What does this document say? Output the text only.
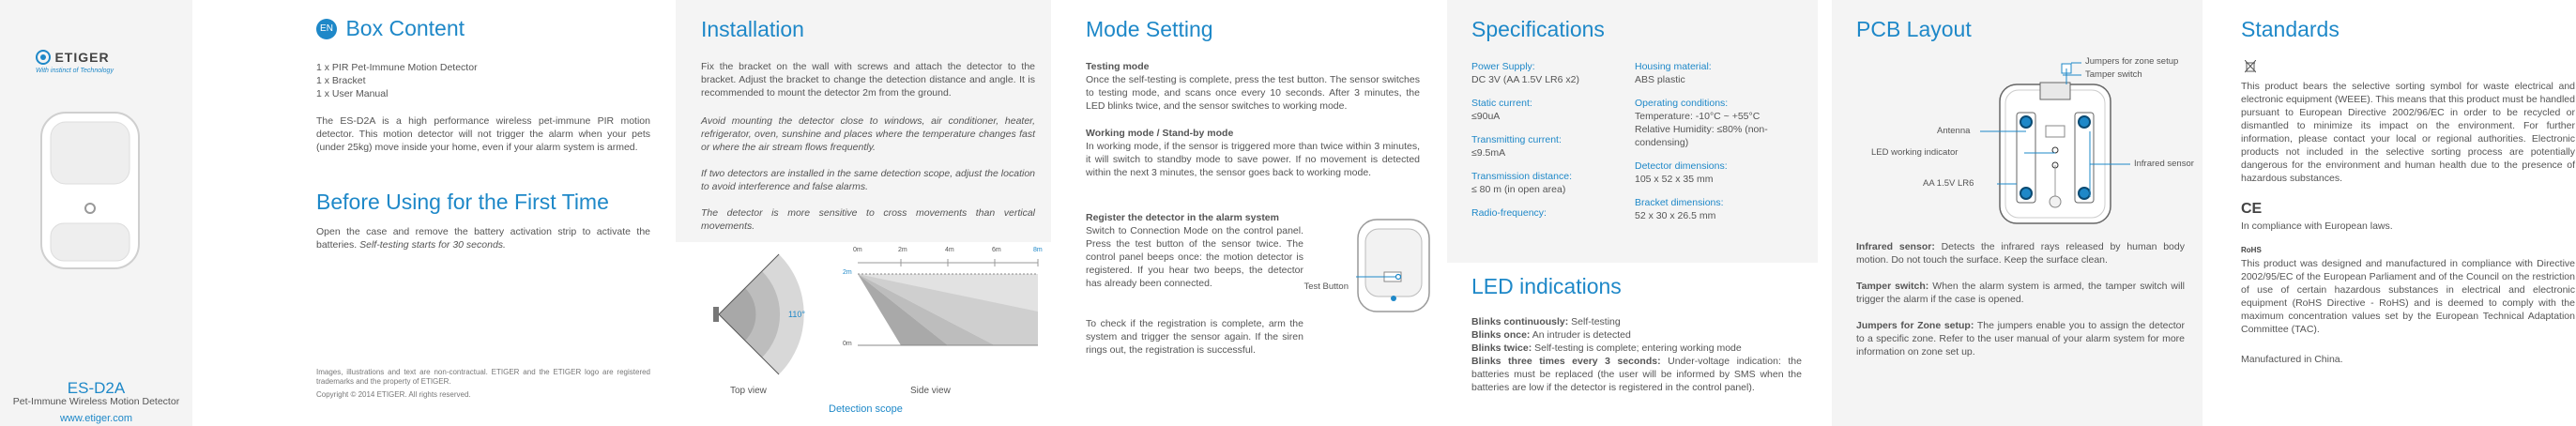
ETIGER
With instinct of Technology
ES-D2A
Pet-Immune Wireless Motion Detector
www.etiger.com
EN Box Content
1 x PIR Pet-Immune Motion Detector
1 x Bracket
1 x User Manual

The ES-D2A is a high performance wireless pet-immune PIR motion detector. This motion detector will not trigger the alarm when your pets (under 25kg) move inside your home, even if your alarm system is armed.

Before Using for the First Time

Open the case and remove the battery activation strip to activate the batteries. Self-testing starts for 30 seconds.

Images, illustrations and text are non-contractual. ETIGER and the ETIGER logo are registered trademarks and the property of ETIGER.

Copyright © 2014 ETIGER. All rights reserved.

Installation

Fix the bracket on the wall with screws and attach the detector to the bracket. Adjust the bracket to change the detection distance and angle. It is recommended to mount the detector 2m from the ground.

Avoid mounting the detector close to windows, air conditioner, heater, refrigerator, oven, sunshine and places where the temperature changes fast or where the air stream flows frequently.

If two detectors are installed in the same detection scope, adjust the location to avoid interference and false alarms.

The detector is more sensitive to cross movements than vertical movements.

110°
Top view
0m	2m	4m	6m	8m
2m
0m
Side view
Detection scope
Mode Setting
Testing mode
Once the self-testing is complete, press the test button. The sensor switches to testing mode, and scans once every 10 seconds. After 3 minutes, the LED blinks twice, and the sensor switches to working mode.
Working mode / Stand-by mode
In working mode, if the sensor is triggered more than twice within 3 minutes, it will switch to standby mode to save power. If no movement is detected within the next 3 minutes, the sensor goes back to working mode.
Register the detector in the alarm system
Switch to Connection Mode on the control panel. Press the test button of the sensor twice. The control panel beeps once: the motion detector is registered. If you hear two beeps, the detector has already been connected.
To check if the registration is complete, arm the system and trigger the sensor again. If the siren rings out, the registration is successful.
Test Button
Specifications
Power Supply:
DC 3V (AA 1.5V LR6 x2)
Static current:
≤90uA
Transmitting current:
≤9.5mA
Transmission distance:
≤ 80 m (in open area)
Radio-frequency:
Housing material:
ABS plastic
Operating conditions:
Temperature: -10°C ~ +55°C
Relative Humidity: ≤80% (non-condensing)
Detector dimensions:
105 x 52 x 35 mm
Bracket dimensions:
52 x 30 x 26.5 mm
LED indications
Blinks continuously: Self-testing
Blinks once: An intruder is detected
Blinks twice: Self-testing is complete; entering working mode
Blinks three times every 3 seconds: Under-voltage indication: the batteries must be replaced (the user will be informed by SMS when the batteries are low if the detector is registered in the control panel).
PCB Layout
Jumpers for zone setup
Tamper switch
Antenna
LED working indicator
AA 1.5V LR6
Infrared sensor

Infrared sensor: Detects the infrared rays released by human body motion. Do not touch the surface. Keep the surface clean.

Tamper switch: When the alarm system is armed, the tamper switch will trigger the alarm if the case is opened.

Jumpers for Zone setup: The jumpers enable you to assign the detector to a specific zone. Refer to the user manual of your alarm system for more information on zone set up.

Standards

This product bears the selective sorting symbol for waste electrical and electronic equipment (WEEE). This means that this product must be handled pursuant to European Directive 2002/96/EC in order to be recycled or dismantled to minimize its impact on the environment. For further information, please contact your local or regional authorities. Electronic products not included in the selective sorting process are potentially dangerous for the environment and human health due to the presence of hazardous substances.

CE

In compliance with European laws.

RoHS

This product was designed and manufactured in compliance with Directive 2002/95/EC of the European Parliament and of the Council on the restriction of use of certain hazardous substances in electrical and electronic equipment (RoHS Directive - RoHS) and is deemed to comply with the maximum concentration values set by the European Technical Adaptation Committee (TAC).

Manufactured in China.
